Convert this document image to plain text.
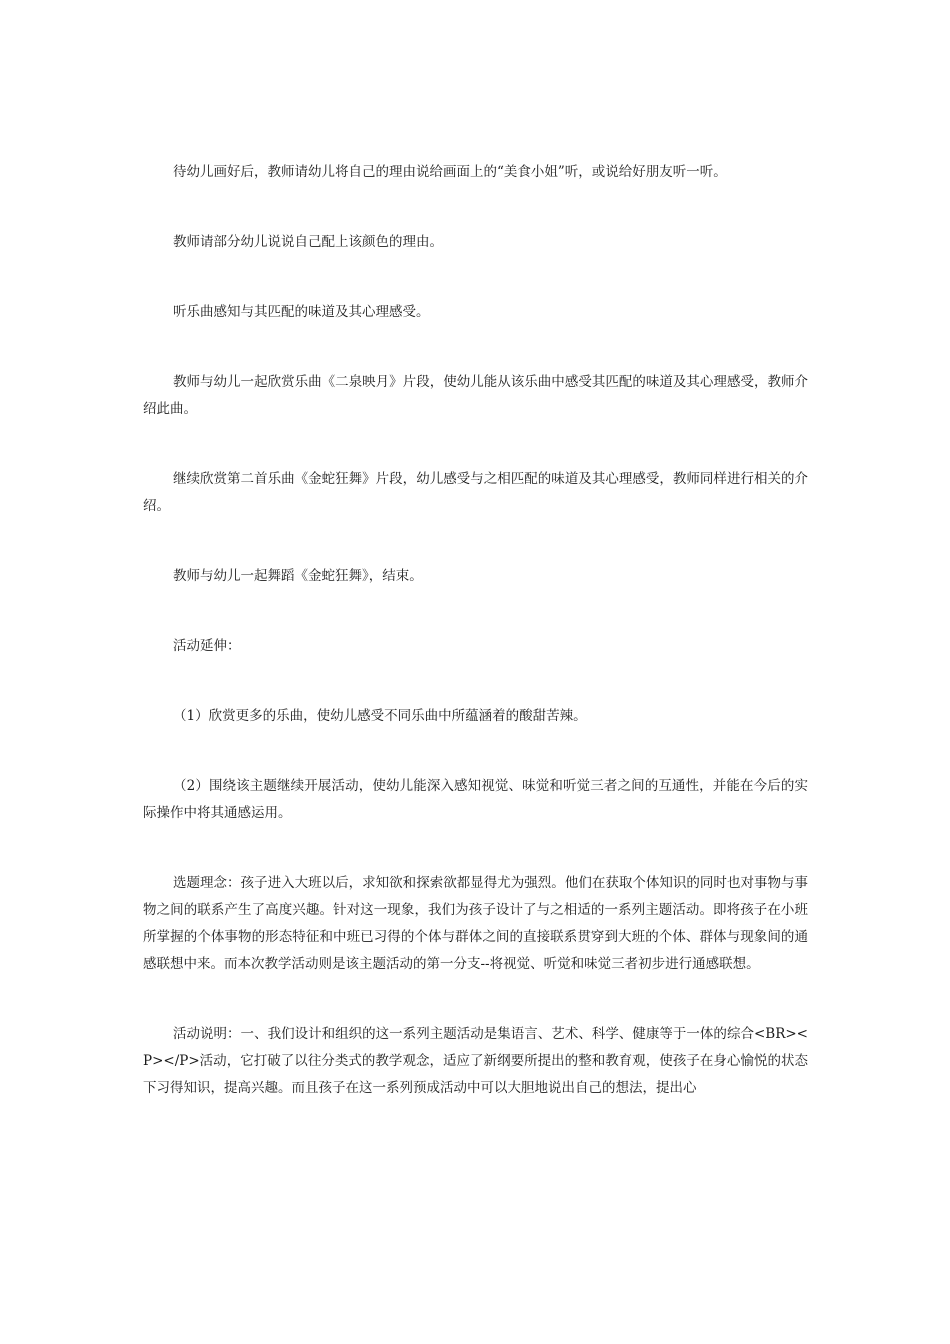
待幼儿画好后，教师请幼儿将自己的理由说给画面上的“美食小姐”听，或说给好朋友听一听。

教师请部分幼儿说说自己配上该颜色的理由。

听乐曲感知与其匹配的味道及其心理感受。

教师与幼儿一起欣赏乐曲《二泉映月》片段，使幼儿能从该乐曲中感受其匹配的味道及其心理感受，教师介绍此曲。

继续欣赏第二首乐曲《金蛇狂舞》片段，幼儿感受与之相匹配的味道及其心理感受，教师同样进行相关的介绍。

教师与幼儿一起舞蹈《金蛇狂舞》，结束。

活动延伸：

（1）欣赏更多的乐曲，使幼儿感受不同乐曲中所蕴涵着的酸甜苦辣。

（2）围绕该主题继续开展活动，使幼儿能深入感知视觉、味觉和听觉三者之间的互通性，并能在今后的实际操作中将其通感运用。

选题理念：孩子进入大班以后，求知欲和探索欲都显得尤为强烈。他们在获取个体知识的同时也对事物与事物之间的联系产生了高度兴趣。针对这一现象，我们为孩子设计了与之相适的一系列主题活动。即将孩子在小班所掌握的个体事物的形态特征和中班已习得的个体与群体之间的直接联系贯穿到大班的个体、群体与现象间的通感联想中来。而本次教学活动则是该主题活动的第一分支--将视觉、听觉和味觉三者初步进行通感联想。

活动说明：一、我们设计和组织的这一系列主题活动是集语言、艺术、科学、健康等于一体的综合<BR><P></P>活动，它打破了以往分类式的教学观念，适应了新纲要所提出的整和教育观，使孩子在身心愉悦的状态下习得知识，提高兴趣。而且孩子在这一系列预成活动中可以大胆地说出自己的想法，提出心
